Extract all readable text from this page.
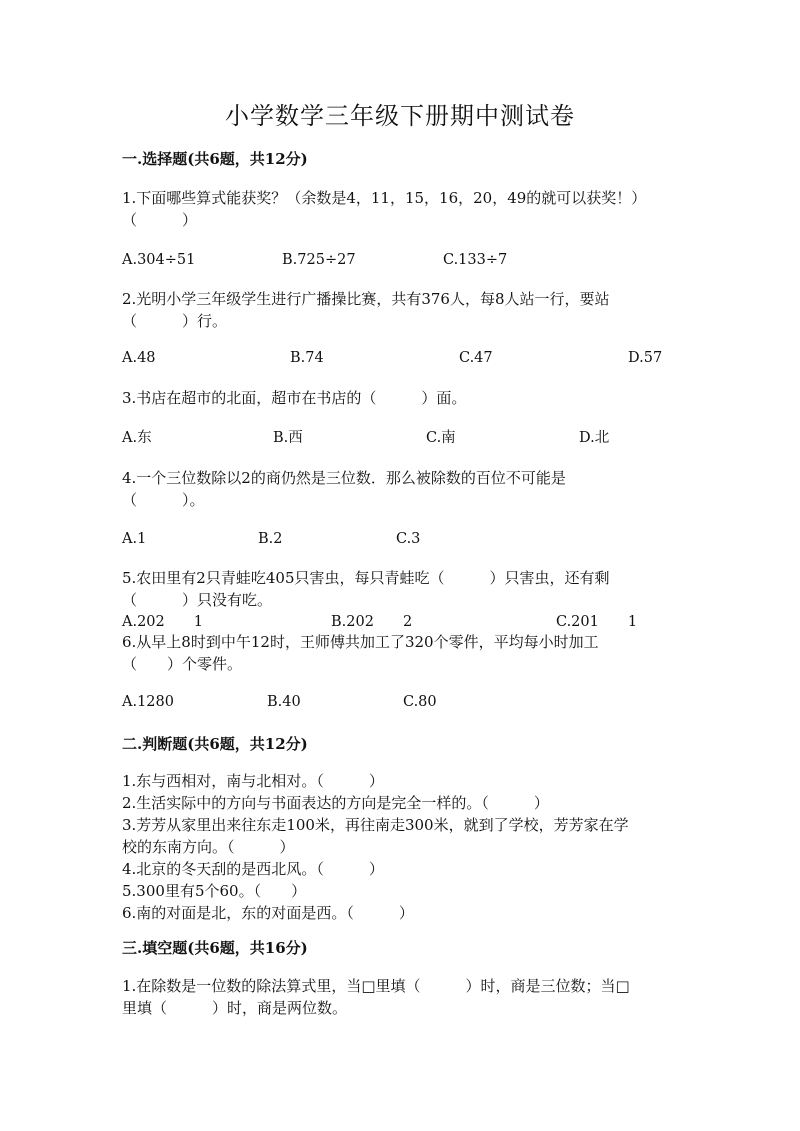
小学数学三年级下册期中测试卷
一.选择题(共6题，共12分)
1.下面哪些算式能获奖？（余数是4，11，15，16，20，49的就可以获奖！）
（　　　）
A.304÷51	B.725÷27	C.133÷7
2.光明小学三年级学生进行广播操比赛，共有376人，每8人站一行，要站
（　　　）行。
A.48	B.74	C.47	D.57
3.书店在超市的北面，超市在书店的（　　　）面。
A.东	B.西	C.南	D.北
4.一个三位数除以2的商仍然是三位数．那么被除数的百位不可能是
（　　　）。
A.1	B.2	C.3
5.农田里有2只青蛙吃405只害虫，每只青蛙吃（　　　）只害虫，还有剩
（　　　）只没有吃。
A.202　　1	B.202　　2	C.201　　1
6.从早上8时到中午12时，王师傅共加工了320个零件，平均每小时加工
（　　）个零件。
A.1280	B.40	C.80
二.判断题(共6题，共12分)
1.东与西相对，南与北相对。（　　　）
2.生活实际中的方向与书面表达的方向是完全一样的。（　　　）
3.芳芳从家里出来往东走100米，再往南走300米，就到了学校，芳芳家在学
校的东南方向。（　　　）
4.北京的冬天刮的是西北风。（　　　）
5.300里有5个60。（　　）
6.南的对面是北，东的对面是西。（　　　）
三.填空题(共6题，共16分)
1.在除数是一位数的除法算式里，当□里填（　　　）时，商是三位数；当□
里填（　　　）时，商是两位数。
